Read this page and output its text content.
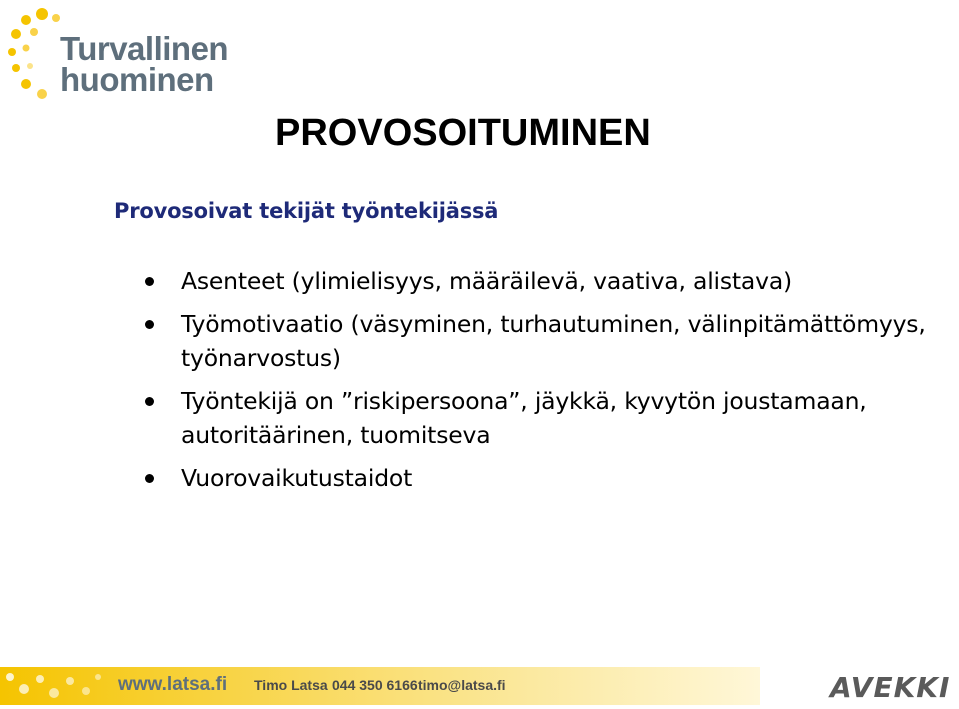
Turvallinen
huominen
PROVOSOITUMINEN
Provosoivat tekijät työntekijässä
Asenteet (ylimielisyys, määräilevä, vaativa, alistava)
Työmotivaatio (väsyminen, turhautuminen, välinpitämättömyys, työnarvostus)
Työntekijä on ”riskipersoona”, jäykkä, kyvytön joustamaan, autoritäärinen, tuomitseva
Vuorovaikutustaidot
www.latsa.fi Timo Latsa 044 350 6166 timo@latsa.fi	AVEKKI
